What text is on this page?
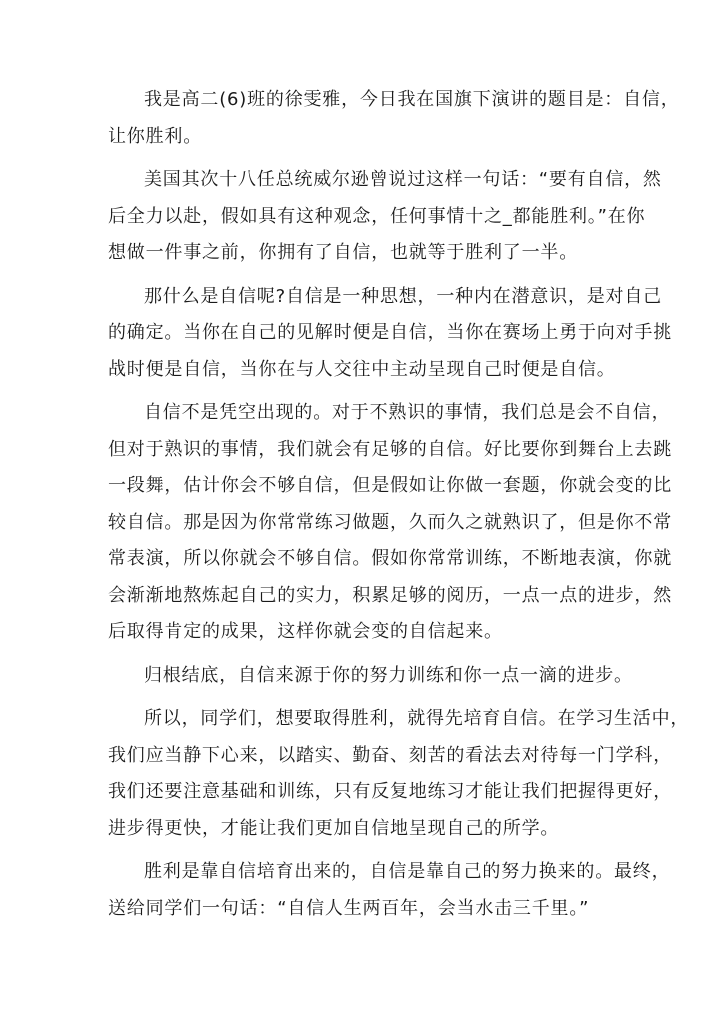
我是高二(6)班的徐雯雅，今日我在国旗下演讲的题目是：自信，
让你胜利。

美国其次十八任总统威尔逊曾说过这样一句话：“要有自信，然
后全力以赴，假如具有这种观念，任何事情十之_都能胜利。”在你
想做一件事之前，你拥有了自信，也就等于胜利了一半。

那什么是自信呢?自信是一种思想，一种内在潜意识，是对自己
的确定。当你在自己的见解时便是自信，当你在赛场上勇于向对手挑
战时便是自信，当你在与人交往中主动呈现自己时便是自信。

自信不是凭空出现的。对于不熟识的事情，我们总是会不自信，
但对于熟识的事情，我们就会有足够的自信。好比要你到舞台上去跳
一段舞，估计你会不够自信，但是假如让你做一套题，你就会变的比
较自信。那是因为你常常练习做题，久而久之就熟识了，但是你不常
常表演，所以你就会不够自信。假如你常常训练，不断地表演，你就
会渐渐地熬炼起自己的实力，积累足够的阅历，一点一点的进步，然
后取得肯定的成果，这样你就会变的自信起来。

归根结底，自信来源于你的努力训练和你一点一滴的进步。

所以，同学们，想要取得胜利，就得先培育自信。在学习生活中，
我们应当静下心来，以踏实、勤奋、刻苦的看法去对待每一门学科，
我们还要注意基础和训练，只有反复地练习才能让我们把握得更好，
进步得更快，才能让我们更加自信地呈现自己的所学。

胜利是靠自信培育出来的，自信是靠自己的努力换来的。最终，
送给同学们一句话：“自信人生两百年，会当水击三千里。”
